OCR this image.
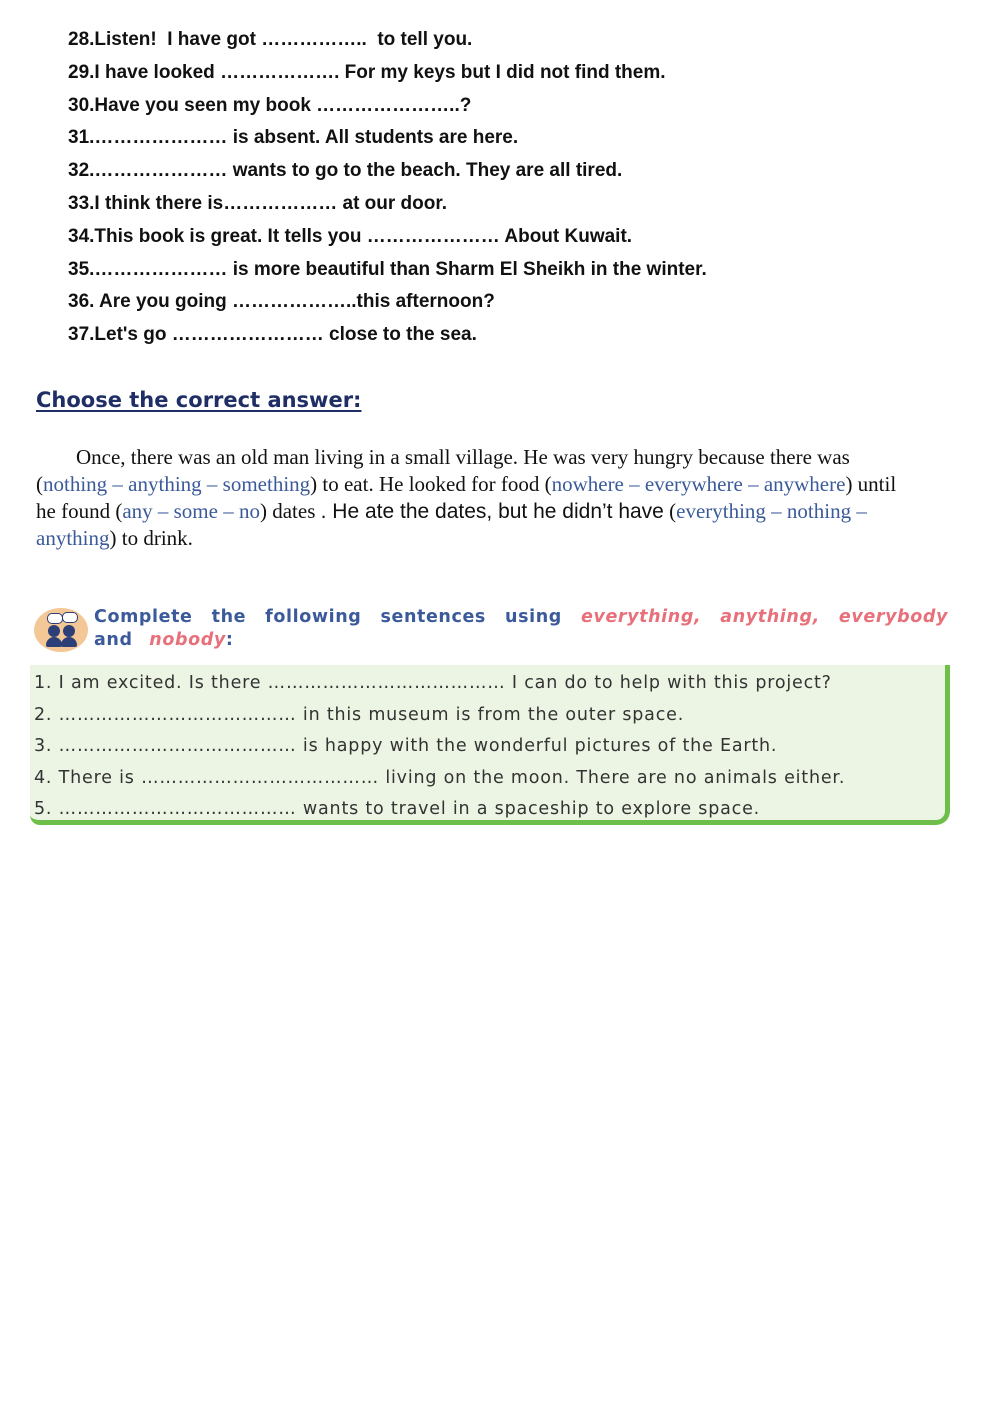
28.Listen!  I have got ……………..  to tell you.
29.I have looked ………………. For my keys but I did not find them.
30.Have you seen my book …………………..?
31.………………… is absent. All students are here.
32.………………… wants to go to the beach. They are all tired.
33.I think there is……………… at our door.
34.This book is great. It tells you ………………… About Kuwait.
35.………………… is more beautiful than Sharm El Sheikh in the winter.
36. Are you going ………………..this afternoon?
37.Let's go …………………… close to the sea.
Choose the correct answer:

Once, there was an old man living in a small village. He was very hungry because there was (nothing – anything – something) to eat. He looked for food (nowhere – everywhere – anywhere) until he found (any – some – no) dates . He ate the dates, but he didn’t have (everything – nothing – anything) to drink.

Complete the following sentences using everything, anything, everybody and nobody:
1. I am excited. Is there ………………………………… I can do to help with this project?
2. ………………………………… in this museum is from the outer space.
3. ………………………………… is happy with the wonderful pictures of the Earth.
4. There is ………………………………… living on the moon. There are no animals either.
5. ………………………………… wants to travel in a spaceship to explore space.
